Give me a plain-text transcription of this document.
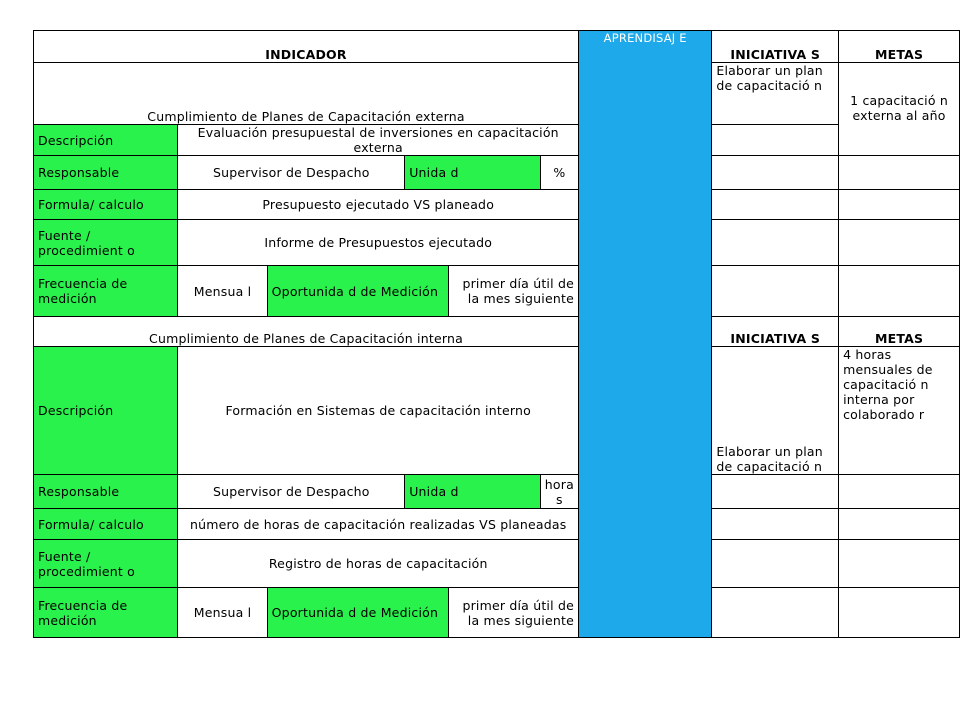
INDICADOR						APRENDISAJ E	INICIATIVA S	METAS
Cumplimiento de Planes de Capacitación externa							Elaborar un plan de capacitació n	1 capacitació n externa al año
Descripción	Evaluación presupuestal de inversiones en capacitación externa							
Responsable	Supervisor de Despacho		Unida d		%			
Formula/ calculo	Presupuesto ejecutado VS planeado							
Fuente / procedimient o	Informe de Presupuestos ejecutado							
Frecuencia de medición	Mensua l	Oportunida d de Medición		primer día útil de la mes siguiente				
Cumplimiento de Planes de Capacitación interna							INICIATIVA S	METAS
Descripción	Formación en Sistemas de capacitación interno						Elaborar un plan de capacitació n	4 horas mensuales de capacitació n interna por colaborado r
Responsable	Supervisor de Despacho		Unida d		hora s			
Formula/ calculo	número de horas de capacitación realizadas VS planeadas							
Fuente / procedimient o	Registro de horas de capacitación							
Frecuencia de medición	Mensua l	Oportunida d de Medición		primer día útil de la mes siguiente				
